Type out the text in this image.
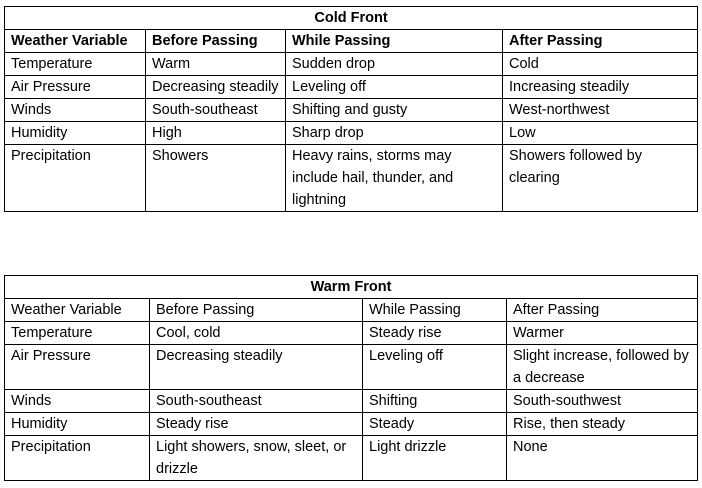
Cold Front			
Weather Variable	Before Passing	While Passing	After Passing
Temperature	Warm	Sudden drop	Cold
Air Pressure	Decreasing steadily	Leveling off	Increasing steadily
Winds	South-southeast	Shifting and gusty	West-northwest
Humidity	High	Sharp drop	Low
Precipitation	Showers	Heavy rains, storms may include hail, thunder, and lightning	Showers followed by clearing
Warm Front			
Weather Variable	Before Passing	While Passing	After Passing
Temperature	Cool, cold	Steady rise	Warmer
Air Pressure	Decreasing steadily	Leveling off	Slight increase, followed by a decrease
Winds	South-southeast	Shifting	South-southwest
Humidity	Steady rise	Steady	Rise, then steady
Precipitation	Light showers, snow, sleet, or drizzle	Light drizzle	None
